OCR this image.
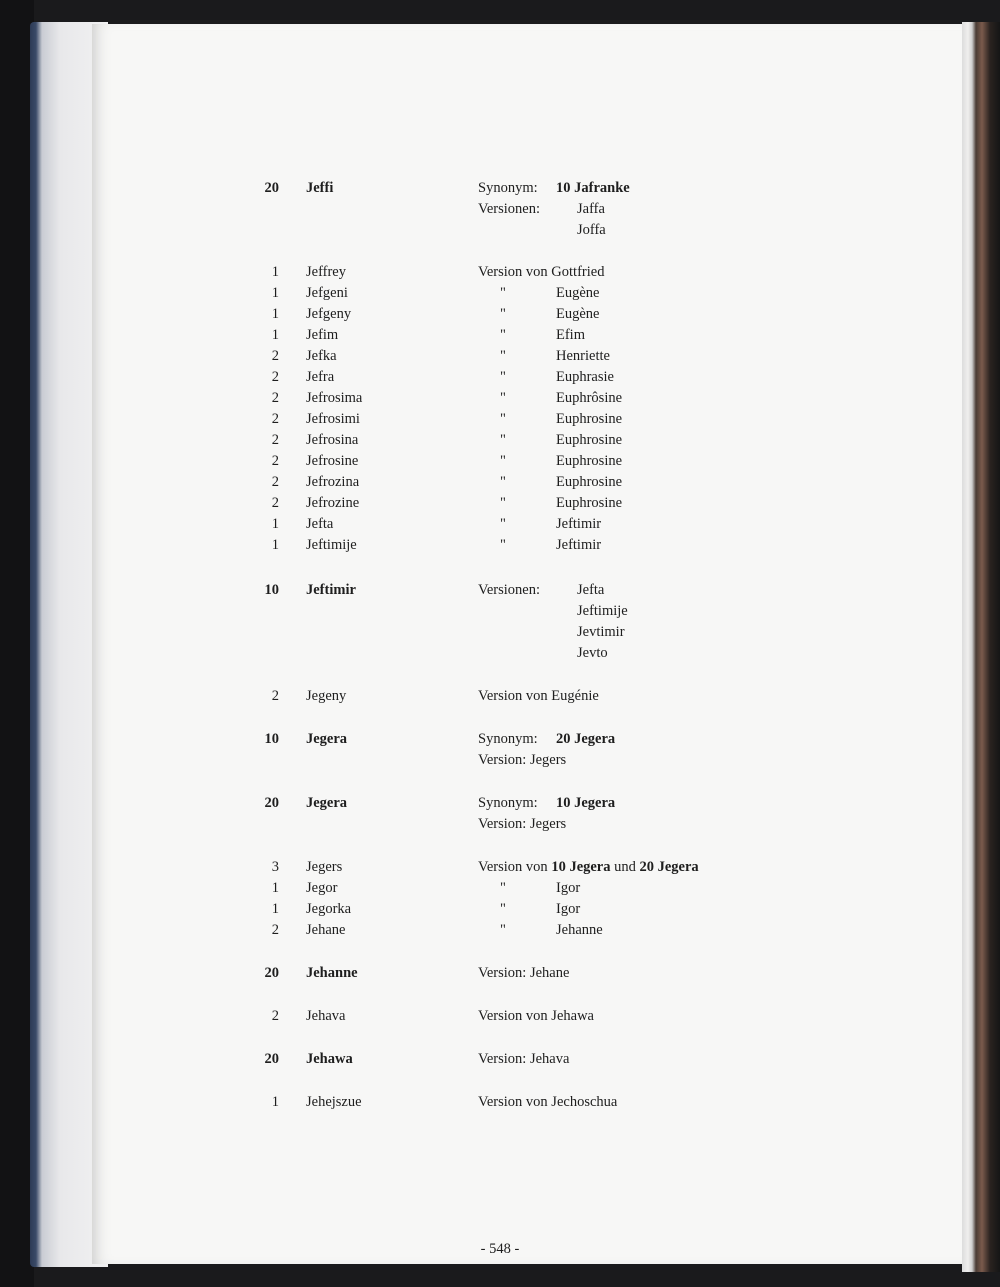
20 Jeffi	Synonym: 10 Jafranke
Versionen:	Jaffa
Joffa
1 Jeffrey	Version von Gottfried
1 Jefgeni	"	Eugène
1 Jefgeny	"	Eugène
1 Jefim	"	Efim
2 Jefka	"	Henriette
2 Jefra	"	Euphrasie
2 Jefrosima	"	Euphrôsine
2 Jefrosimi	"	Euphrosine
2 Jefrosina	"	Euphrosine
2 Jefrosine	"	Euphrosine
2 Jefrozina	"	Euphrosine
2 Jefrozine	"	Euphrosine
1 Jefta	"	Jeftimir
1 Jeftimije	"	Jeftimir
10 Jeftimir	Versionen:	Jefta
Jeftimije
Jevtimir
Jevto
2 Jegeny	Version von Eugénie
10 Jegera	Synonym: 20 Jegera
Version: Jegers
20 Jegera	Synonym: 10 Jegera
Version: Jegers
3 Jegers	Version von 10 Jegera und 20 Jegera
1 Jegor	"	Igor
1 Jegorka	"	Igor
2 Jehane	"	Jehanne
20 Jehanne	Version: Jehane
2 Jehava	Version von Jehawa
20 Jehawa	Version: Jehava
1 Jehejszue	Version von Jechoschua
- 548 -
